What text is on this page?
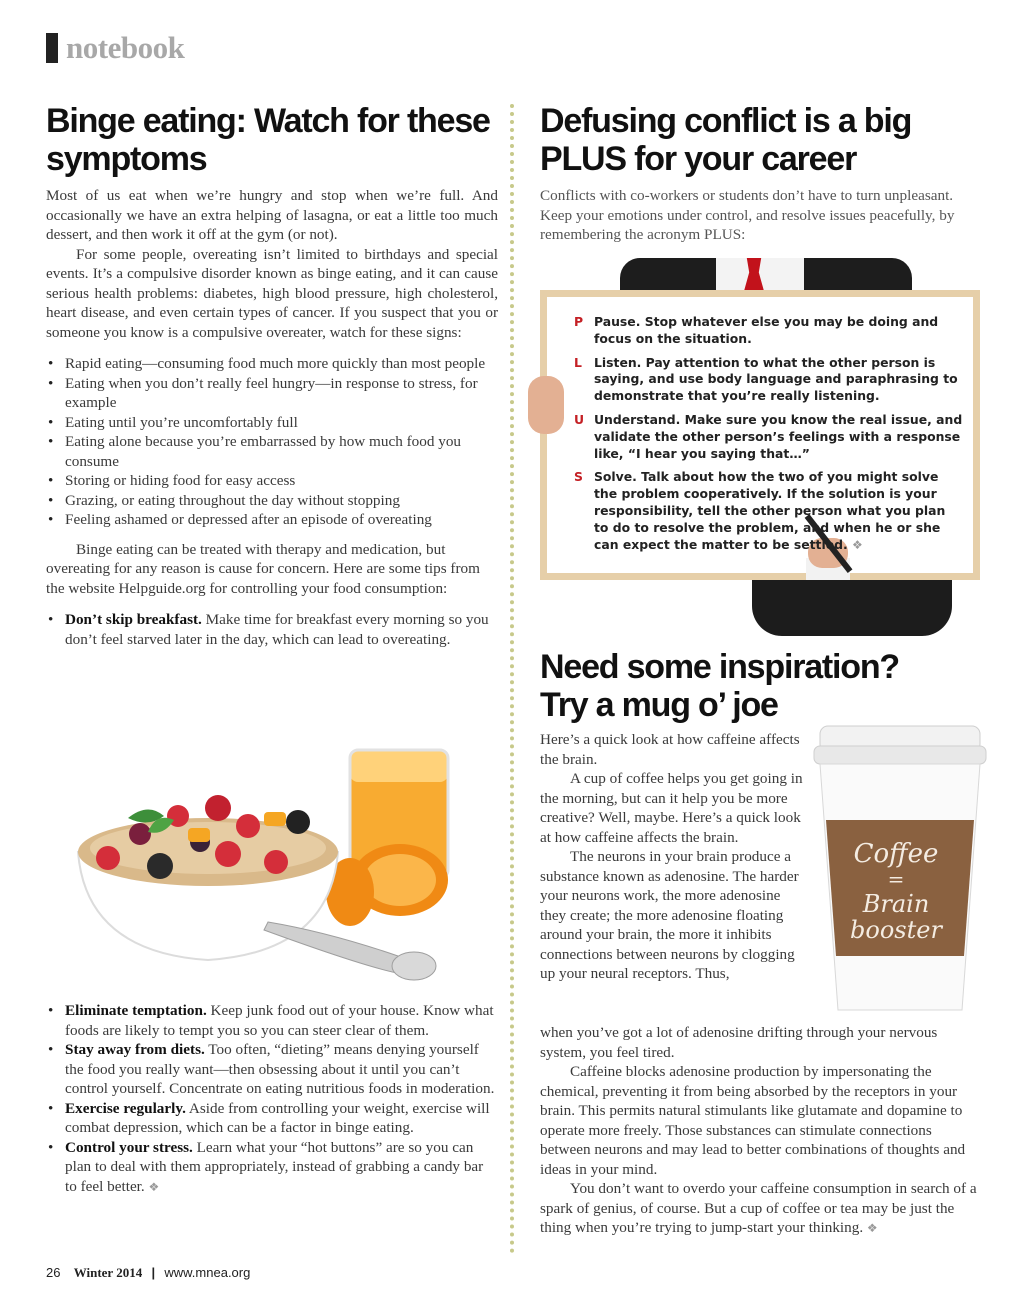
notebook
Binge eating: Watch for these
symptoms

Most of us eat when we’re hungry and stop when we’re full. And occasionally we have an extra helping of lasagna, or eat a little too much dessert, and then work it off at the gym (or not).

For some people, overeating isn’t limited to birthdays and special events. It’s a compulsive disorder known as binge eating, and it can cause serious health problems: diabetes, high blood pressure, high cholesterol, heart disease, and even certain types of cancer. If you suspect that you or someone you know is a compulsive overeater, watch for these signs:

• Rapid eating—consuming food much more quickly than most people
• Eating when you don’t really feel hungry—in response to stress, for example
• Eating until you’re uncomfortably full
• Eating alone because you’re embarrassed by how much food you consume
• Storing or hiding food for easy access
• Grazing, or eating throughout the day without stopping
• Feeling ashamed or depressed after an episode of overeating

Binge eating can be treated with therapy and medication, but overeating for any reason is cause for concern. Here are some tips from the website Helpguide.org for controlling your food consumption:

• Don’t skip breakfast. Make time for breakfast every morning so you don’t feel starved later in the day, which can lead to overeating.
• Eliminate temptation. Keep junk food out of your house. Know what foods are likely to tempt you so you can steer clear of them.
• Stay away from diets. Too often, “dieting” means denying yourself the food you really want—then obsessing about it until you can’t control yourself. Concentrate on eating nutritious foods in moderation.
• Exercise regularly. Aside from controlling your weight, exercise will combat depression, which can be a factor in binge eating.
• Control your stress. Learn what your “hot buttons” are so you can plan to deal with them appropriately, instead of grabbing a candy bar to feel better. ❖
Defusing conflict is a big
PLUS for your career

Conflicts with co-workers or students don’t have to turn unpleasant. Keep your emotions under control, and resolve issues peacefully, by remembering the acronym PLUS:

P Pause. Stop whatever else you may be doing and focus on the situation.
L Listen. Pay attention to what the other person is saying, and use body language and paraphrasing to demonstrate that you’re really listening.
U Understand. Make sure you know the real issue, and validate the other person’s feelings with a response like, “I hear you saying that…”
S Solve. Talk about how the two of you might solve the problem cooperatively. If the solution is your responsibility, tell the other person what you plan to do to resolve the problem, and when he or she can expect the matter to be settled. ❖
Need some inspiration?
Try a mug o’ joe

Here’s a quick look at how caffeine affects the brain.

A cup of coffee helps you get going in the morning, but can it help you be more creative? Well, maybe. Here’s a quick look at how caffeine affects the brain.

The neurons in your brain produce a substance known as adenosine. The harder your neurons work, the more adenosine they create; the more adenosine floating around your brain, the more it inhibits connections between neurons by clogging up your neural receptors. Thus,

when you’ve got a lot of adenosine drifting through your nervous system, you feel tired.

Caffeine blocks adenosine production by impersonating the chemical, preventing it from being absorbed by the receptors in your brain. This permits natural stimulants like glutamate and dopamine to operate more freely. Those substances can stimulate connections between neurons and may lead to better combinations of thoughts and ideas in your mind.

You don’t want to overdo your caffeine consumption in search of a spark of genius, of course. But a cup of coffee or tea may be just the thing when you’re trying to jump-start your thinking. ❖

Coffee
=
Brain
booster
26 Winter 2014 | www.mnea.org
